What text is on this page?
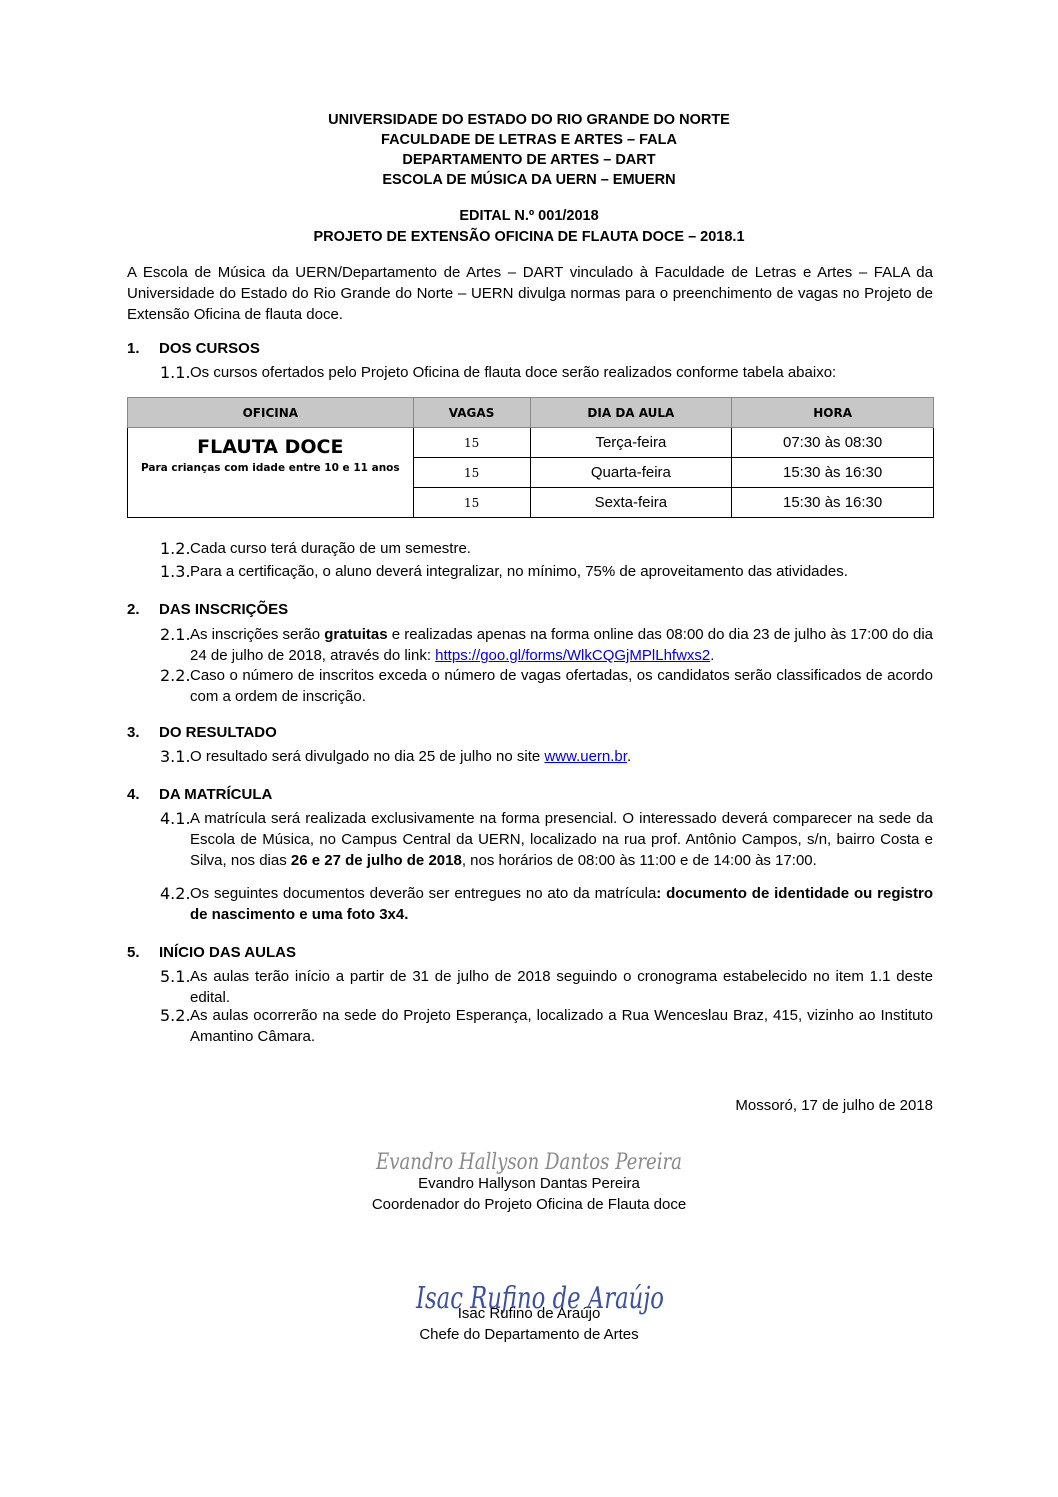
UNIVERSIDADE DO ESTADO DO RIO GRANDE DO NORTE
FACULDADE DE LETRAS E ARTES – FALA
DEPARTAMENTO DE ARTES – DART
ESCOLA DE MÚSICA DA UERN – EMUERN
EDITAL N.º 001/2018
PROJETO DE EXTENSÃO OFICINA DE FLAUTA DOCE – 2018.1
A Escola de Música da UERN/Departamento de Artes – DART vinculado à Faculdade de Letras e Artes – FALA da Universidade do Estado do Rio Grande do Norte – UERN divulga normas para o preenchimento de vagas no Projeto de Extensão Oficina de flauta doce.
1. DOS CURSOS
1.1. Os cursos ofertados pelo Projeto Oficina de flauta doce serão realizados conforme tabela abaixo:
OFICINA	VAGAS	DIA DA AULA	HORA

FLAUTA DOCE
Para crianças com idade entre 10 e 11 anos	15	Terça-feira	07:30 às 08:30
	15	Quarta-feira	15:30 às 16:30
	15	Sexta-feira	15:30 às 16:30
1.2. Cada curso terá duração de um semestre.
1.3. Para a certificação, o aluno deverá integralizar, no mínimo, 75% de aproveitamento das atividades.
2. DAS INSCRIÇÕES
2.1. As inscrições serão gratuitas e realizadas apenas na forma online das 08:00 do dia 23 de julho às 17:00 do dia 24 de julho de 2018, através do link: https://goo.gl/forms/WlkCQGjMPlLhfwxs2.
2.2. Caso o número de inscritos exceda o número de vagas ofertadas, os candidatos serão classificados de acordo com a ordem de inscrição.
3. DO RESULTADO
3.1. O resultado será divulgado no dia 25 de julho no site www.uern.br.
4. DA MATRÍCULA
4.1. A matrícula será realizada exclusivamente na forma presencial. O interessado deverá comparecer na sede da Escola de Música, no Campus Central da UERN, localizado na rua prof. Antônio Campos, s/n, bairro Costa e Silva, nos dias 26 e 27 de julho de 2018, nos horários de 08:00 às 11:00 e de 14:00 às 17:00.
4.2. Os seguintes documentos deverão ser entregues no ato da matrícula: documento de identidade ou registro de nascimento e uma foto 3x4.
5. INÍCIO DAS AULAS
5.1. As aulas terão início a partir de 31 de julho de 2018 seguindo o cronograma estabelecido no item 1.1 deste edital.
5.2. As aulas ocorrerão na sede do Projeto Esperança, localizado a Rua Wenceslau Braz, 415, vizinho ao Instituto Amantino Câmara.
Mossoró, 17 de julho de 2018
Evandro Hallyson Dantos Pereira
Evandro Hallyson Dantas Pereira
Coordenador do Projeto Oficina de Flauta doce
Isac Rufino de Araújo
Isac Rufino de Araújo
Chefe do Departamento de Artes
